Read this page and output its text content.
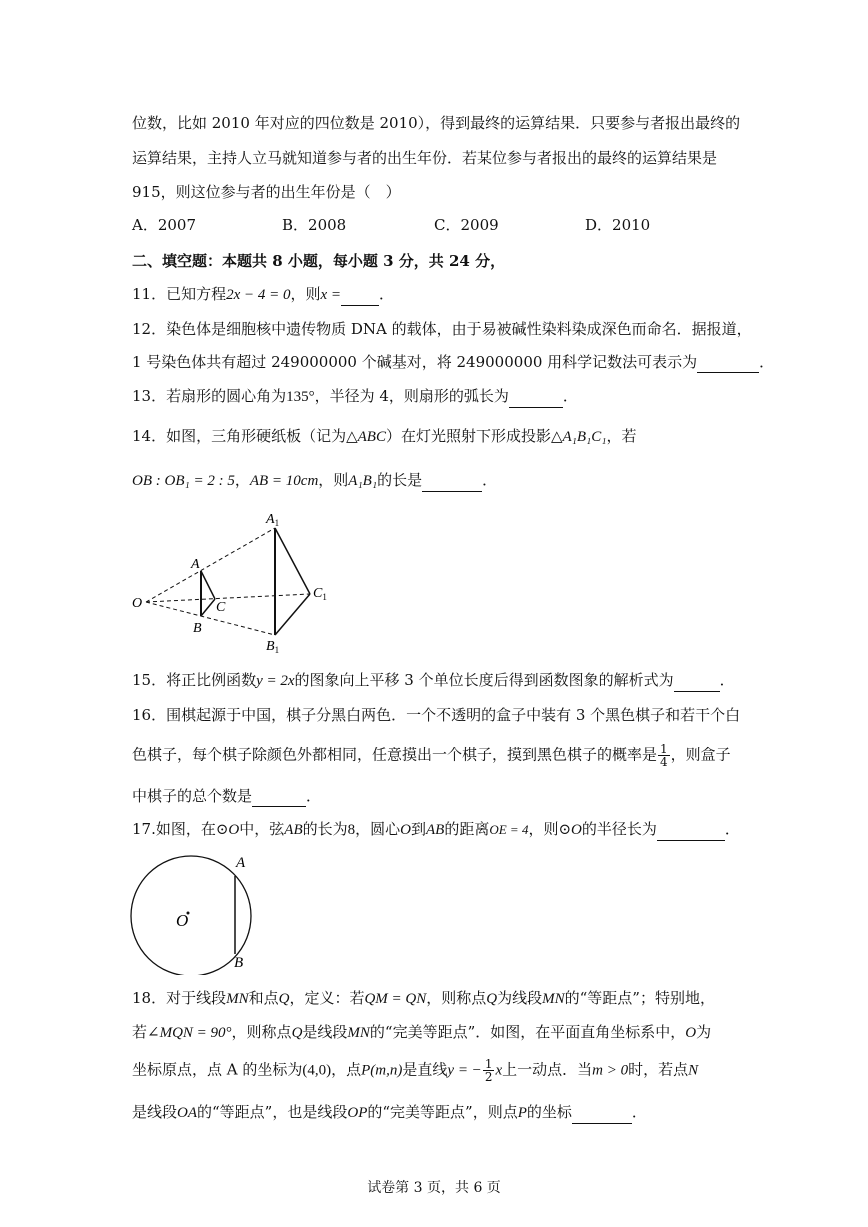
位数，比如 2010 年对应的四位数是 2010），得到最终的运算结果．只要参与者报出最终的
运算结果，主持人立马就知道参与者的出生年份．若某位参与者报出的最终的运算结果是
915，则这位参与者的出生年份是（　）
A．2007	B．2008	C．2009	D．2010
二、填空题：本题共 8 小题，每小题 3 分，共 24 分，
11．已知方程2x − 4 = 0，则x =	．
12．染色体是细胞核中遗传物质 DNA 的载体，由于易被碱性染料染成深色而命名．据报道，
1 号染色体共有超过 249000000 个碱基对，将 249000000 用科学记数法可表示为	．
13．若扇形的圆心角为135°，半径为 4，则扇形的弧长为	．
14．如图，三角形硬纸板（记为△ABC）在灯光照射下形成投影△A₁B₁C₁，若
OB : OB₁ = 2 : 5，AB = 10cm，则A₁B₁的长是	．
$A_1$
A
C
$C_1$
O
B
$B_1$
15．将正比例函数y = 2x的图象向上平移 3 个单位长度后得到函数图象的解析式为	．
16．围棋起源于中国，棋子分黑白两色．一个不透明的盒子中装有 3 个黑色棋子和若干个白
色棋子，每个棋子除颜色外都相同，任意摸出一个棋子，摸到黑色棋子的概率是 $\frac{1}{4}$ ，则盒子
中棋子的总个数是	．
17.如图，在⊙O中，弦AB的长为8，圆心O到AB的距离OE = 4，则⊙O的半径长为	．
A
O
B
18．对于线段MN和点Q，定义：若QM = QN，则称点Q为线段MN的“等距点”；特别地，
若∠MQN = 90°，则称点Q是线段MN的“完美等距点”．如图，在平面直角坐标系中，O为
坐标原点，点 A 的坐标为(4,0)，点P(m,n)是直线y = − $\frac{1}{2}$ x上一动点．当m > 0时，若点N
是线段OA的“等距点”，也是线段OP的“完美等距点”，则点P的坐标	．
试卷第 3 页，共 6 页
